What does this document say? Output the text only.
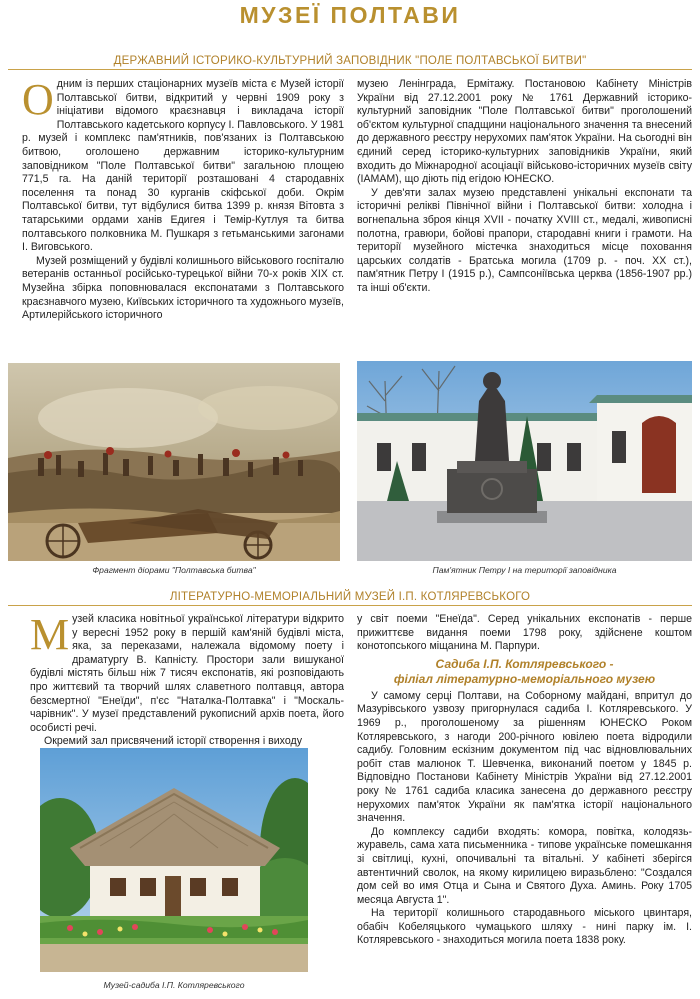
МУЗЕЇ ПОЛТАВИ
ДЕРЖАВНИЙ ІСТОРИКО-КУЛЬТУРНИЙ ЗАПОВІДНИК "ПОЛЕ ПОЛТАВСЬКОЇ БИТВИ"

Одним із перших стаціонарних музеїв міста є Музей історії Полтавської битви, відкритий у червні 1909 року з ініціативи відомого краєзнавця і викладача історії Полтавського кадетського корпусу І. Павловського. У 1981 р. музей і комплекс пам'ятників, пов'язаних із Полтавською битвою, оголошено державним історико-культурним заповідником "Поле Полтавської битви" загальною площею 771,5 га. На даній території розташовані 4 стародавніх поселення та понад 30 курганів скіфської доби. Окрім Полтавської битви, тут відбулися битва 1399 р. князя Вітовта з татарськими ордами ханів Едигея і Темір-Кутлуя та битва полтавського полковника М. Пушкаря з гетьманськими загонами І. Виговського.

Музей розміщений у будівлі колишнього військового госпіталю ветеранів останньої російсько-турецької війни 70-х років XIX ст. Музейна збірка поповнювалася експонатами з Полтавського краєзнавчого музею, Київських історичного та художнього музеїв, Артилерійського історичного

музею Ленінграда, Ермітажу. Постановою Кабінету Міністрів України від 27.12.2001 року № 1761 Державний історико-культурний заповідник "Поле Полтавської битви" проголошений об'єктом культурної спадщини національного значення та внесений до державного реєстру нерухомих пам'яток України. На сьогодні він єдиний серед історико-культурних заповідників України, який входить до Міжнародної асоціації військово-історичних музеїв світу (IAMAM), що діють під егідою ЮНЕСКО.

У дев'яти залах музею представлені унікальні експонати та історичні релікві Північної війни і Полтавської битви: холодна і вогнепальна зброя кінця XVII - початку XVIII ст., медалі, живописні полотна, гравюри, бойові прапори, стародавні книги і грамоти. На території музейного містечка знаходиться місце поховання царських солдатів - Братська могила (1709 р. - поч. XX ст.), пам'ятник Петру І (1915 р.), Сампсоніївська церква (1856-1907 рр.) та інші об'єкти.

Фрагмент діорами "Полтавська битва"	Пам'ятник Петру І на території заповідника
ЛІТЕРАТУРНО-МЕМОРІАЛЬНИЙ МУЗЕЙ І.П. КОТЛЯРЕВСЬКОГО

Музей класика новітньої української літератури відкрито у вересні 1952 року в першій кам'яній будівлі міста, яка, за переказами, належала відомому поету і драматургу В. Капністу. Простори зали вишуканої будівлі містять більш ніж 7 тисяч експонатів, які розповідають про життєвий та творчий шлях славетного полтавця, автора безсмертної "Енеїди", п'єс "Наталка-Полтавка" і "Москаль-чарівник". У музеї представлений рукописний архів поета, його особисті речі.

Окремий зал присвячений історії створення і виходу

Музей-садиба І.П. Котляревського

у світ поеми "Енеїда". Серед унікальних експонатів - перше прижиттєве видання поеми 1798 року, здійснене коштом конотопського міщанина М. Парпури.

Садиба І.П. Котляревського -
філіал літературно-меморіального музею

У самому серці Полтави, на Соборному майдані, впритул до Мазурівського узвозу пригорнулася садиба І. Котляревського. У 1969 р., проголошеному за рішенням ЮНЕСКО Роком Котляревського, з нагоди 200-річного ювілею поета відродили садибу. Головним ескізним документом під час відновлювальних робіт став малюнок Т. Шевченка, виконаний поетом у 1845 р. Відповідно Постанови Кабінету Міністрів України від 27.12.2001 року № 1761 садиба класика занесена до державного реєстру нерухомих пам'яток України як пам'ятка історії національного значення.

До комплексу садиби входять: комора, повітка, колодязь-журавель, сама хата письменника - типове українське помешкання зі світлиці, кухні, опочивальні та вітальні. У кабінеті зберігся автентичний сволок, на якому кирилицею виразьблено: "Создался дом сей во имя Отца и Сына и Святого Духа. Аминь. Року 1705 месяца Августа 1".

На території колишнього стародавнього міського цвинтаря, обабіч Кобеляцького чумацького шляху - нині парку ім. І. Котляревського - знаходиться могила поета 1838 року.
